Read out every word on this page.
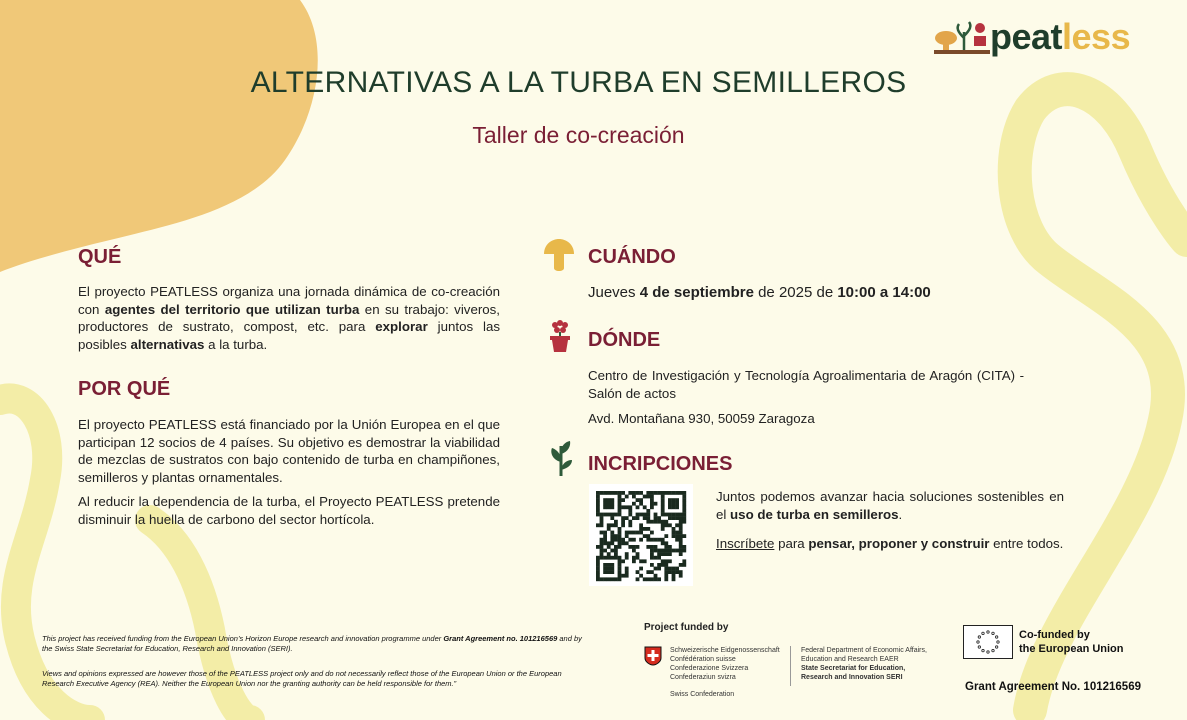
peatless
ALTERNATIVAS A LA TURBA EN SEMILLEROS
Taller de co-creación
QUÉ
El proyecto PEATLESS organiza una jornada dinámica de co-creación con agentes del territorio que utilizan turba en su trabajo: viveros, productores de sustrato, compost, etc. para explorar juntos las posibles alternativas a la turba.
POR QUÉ
El proyecto PEATLESS está financiado por la Unión Europea en el que participan 12 socios de 4 países. Su objetivo es demostrar la viabilidad de mezclas de sustratos con bajo contenido de turba en champiñones, semilleros y plantas ornamentales.
Al reducir la dependencia de la turba, el Proyecto PEATLESS pretende disminuir la huella de carbono del sector hortícola.
CUÁNDO
Jueves 4 de septiembre de 2025 de 10:00 a 14:00
DÓNDE
Centro de Investigación y Tecnología Agroalimentaria de Aragón (CITA) - Salón de actos
Avd. Montañana 930, 50059 Zaragoza
INCRIPCIONES
Juntos podemos avanzar hacia soluciones sostenibles en el uso de turba en semilleros.
Inscríbete para pensar, proponer y construir entre todos.
This project has received funding from the European Union’s Horizon Europe research and innovation programme under Grant Agreement no. 101216569 and by the Swiss State Secretariat for Education, Research and Innovation (SERI).
Views and opinions expressed are however those of the PEATLESS project only and do not necessarily reflect those of the European Union or the European Research Executive Agency (REA). Neither the European Union nor the granting authority can be held responsible for them.”
Project funded by
Schweizerische Eidgenossenschaft
Confédération suisse
Confederazione Svizzera
Confederaziun svizra
Swiss Confederation
Federal Department of Economic Affairs,
Education and Research EAER
State Secretariat for Education,
Research and Innovation SERI
Co-funded by
the European Union
Grant Agreement No. 101216569
